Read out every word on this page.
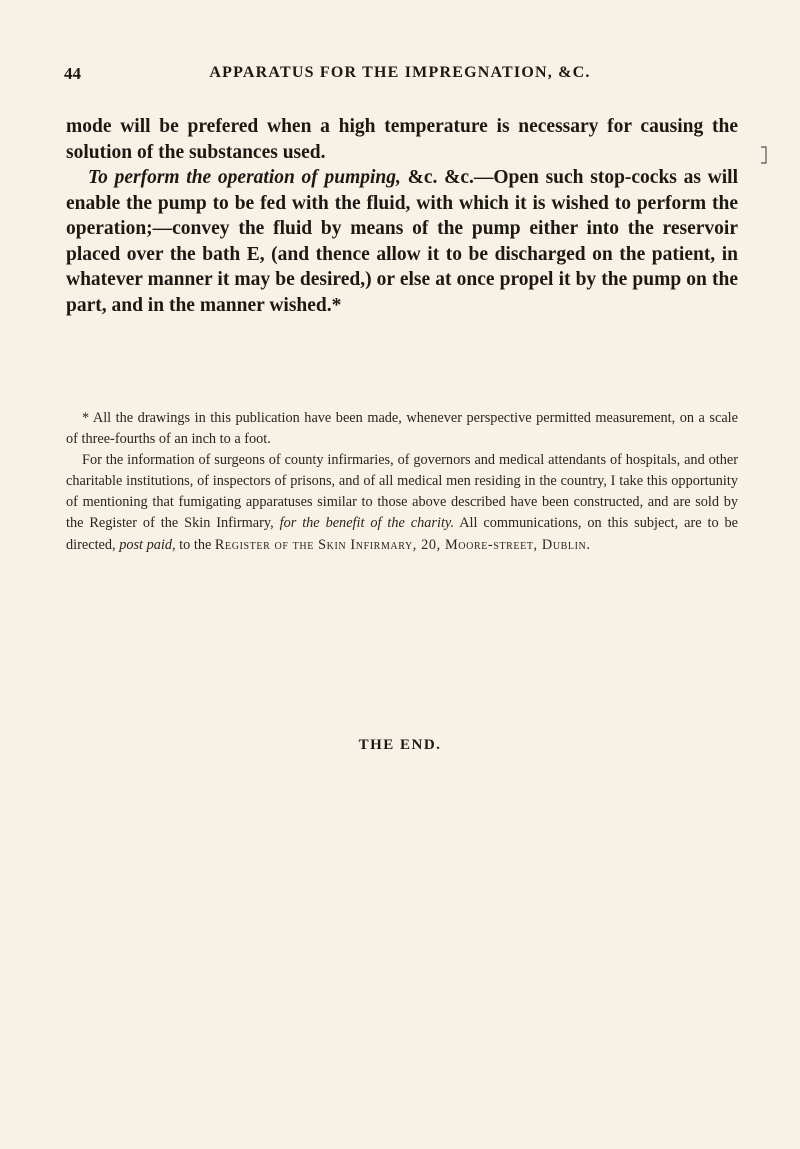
44	APPARATUS FOR THE IMPREGNATION, &C.

mode will be prefered when a high temperature is necessary for causing the solution of the substances used.

To perform the operation of pumping, &c. &c.—Open such stop-cocks as will enable the pump to be fed with the fluid, with which it is wished to perform the operation;—convey the fluid by means of the pump either into the reservoir placed over the bath E, (and thence allow it to be discharged on the patient, in whatever manner it may be desired,) or else at once propel it by the pump on the part, and in the manner wished.*

* All the drawings in this publication have been made, whenever perspective permitted measurement, on a scale of three-fourths of an inch to a foot.

For the information of surgeons of county infirmaries, of governors and medical attendants of hospitals, and other charitable institutions, of inspectors of prisons, and of all medical men residing in the country, I take this opportunity of mentioning that fumigating apparatuses similar to those above described have been constructed, and are sold by the Register of the Skin Infirmary, for the benefit of the charity. All communications, on this subject, are to be directed, post paid, to the Register of the Skin Infirmary, 20, Moore-street, Dublin.

THE END.
